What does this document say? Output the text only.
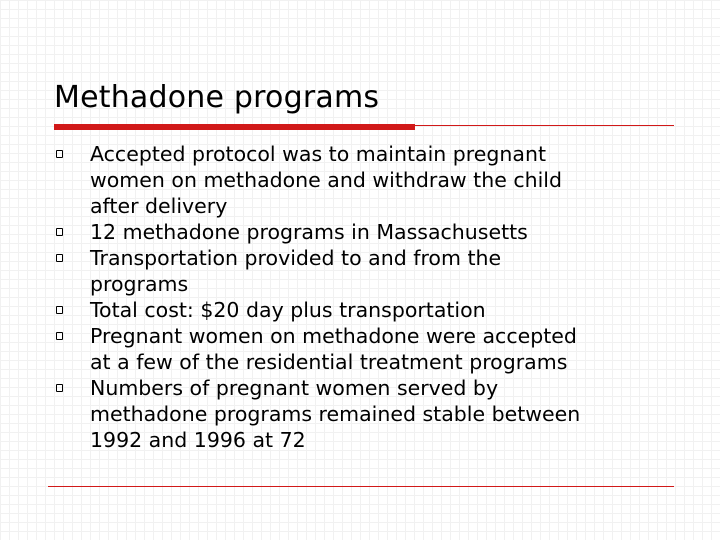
Methadone programs
Accepted protocol was to maintain pregnant
women on methadone and withdraw the child
after delivery
12 methadone programs in Massachusetts
Transportation provided to and from the
programs
Total cost: $20 day plus transportation
Pregnant women on methadone were accepted
at a few of the residential treatment programs
Numbers of pregnant women served by
methadone programs remained stable between
1992 and 1996 at 72
